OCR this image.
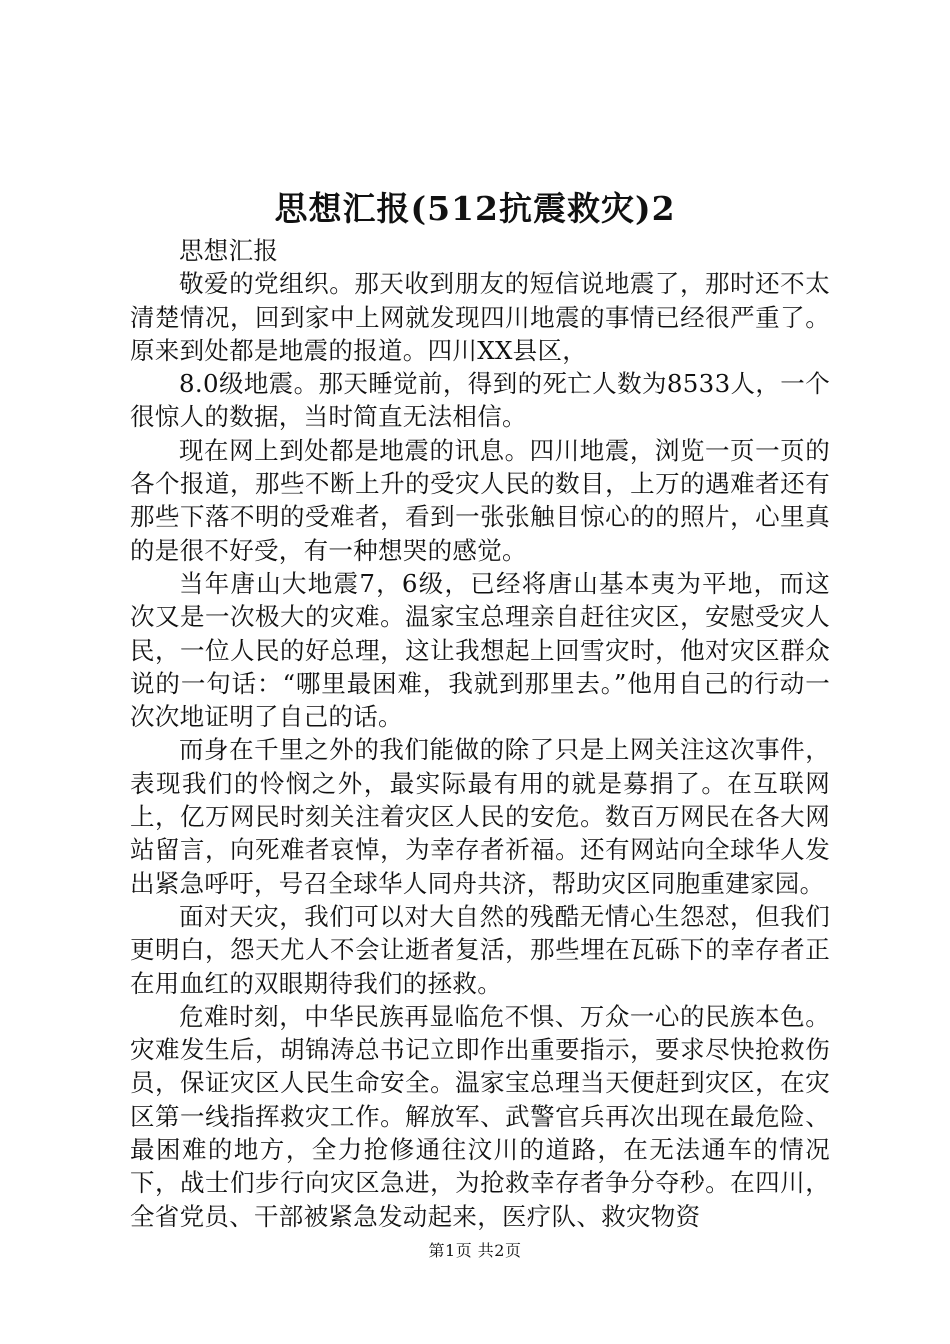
思想汇报(512抗震救灾)2

思想汇报

敬爱的党组织。那天收到朋友的短信说地震了，那时还不太清楚情况，回到家中上网就发现四川地震的事情已经很严重了。原来到处都是地震的报道。四川XX县区，

8.0级地震。那天睡觉前，得到的死亡人数为8533人，一个很惊人的数据，当时简直无法相信。

现在网上到处都是地震的讯息。四川地震，浏览一页一页的各个报道，那些不断上升的受灾人民的数目，上万的遇难者还有那些下落不明的受难者，看到一张张触目惊心的的照片，心里真的是很不好受，有一种想哭的感觉。

当年唐山大地震7，6级，已经将唐山基本夷为平地，而这次又是一次极大的灾难。温家宝总理亲自赶往灾区，安慰受灾人民，一位人民的好总理，这让我想起上回雪灾时，他对灾区群众说的一句话：“哪里最困难，我就到那里去。”他用自己的行动一次次地证明了自己的话。

而身在千里之外的我们能做的除了只是上网关注这次事件，表现我们的怜悯之外，最实际最有用的就是募捐了。在互联网上，亿万网民时刻关注着灾区人民的安危。数百万网民在各大网站留言，向死难者哀悼，为幸存者祈福。还有网站向全球华人发出紧急呼吁，号召全球华人同舟共济，帮助灾区同胞重建家园。

面对天灾，我们可以对大自然的残酷无情心生怨怼，但我们更明白，怨天尤人不会让逝者复活，那些埋在瓦砾下的幸存者正在用血红的双眼期待我们的拯救。

危难时刻，中华民族再显临危不惧、万众一心的民族本色。灾难发生后，胡锦涛总书记立即作出重要指示，要求尽快抢救伤员，保证灾区人民生命安全。温家宝总理当天便赶到灾区，在灾区第一线指挥救灾工作。解放军、武警官兵再次出现在最危险、最困难的地方，全力抢修通往汶川的道路，在无法通车的情况下，战士们步行向灾区急进，为抢救幸存者争分夺秒。在四川，全省党员、干部被紧急发动起来，医疗队、救灾物资

第1页 共2页
